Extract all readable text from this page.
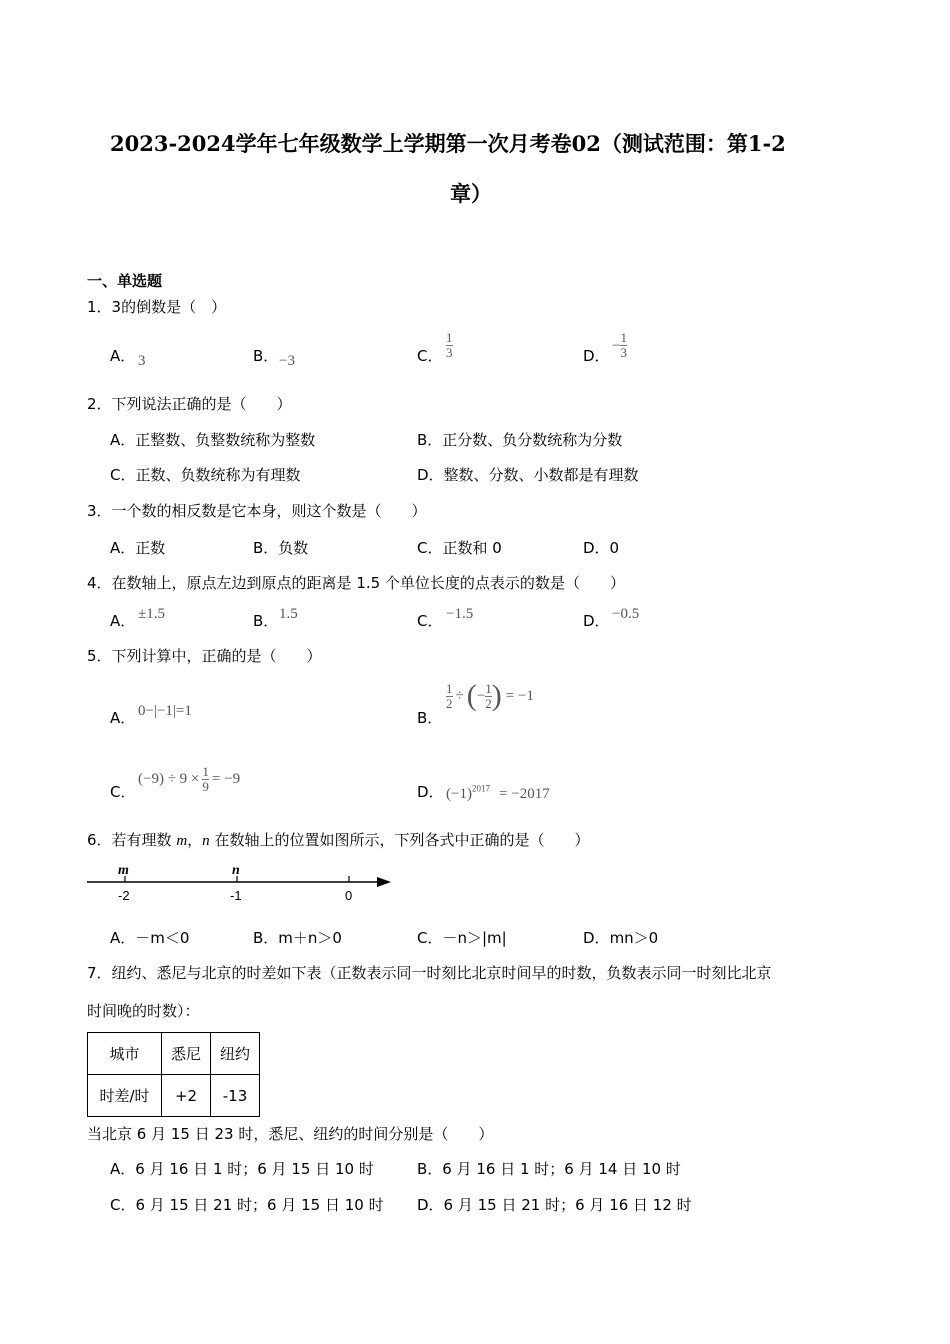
2023-2024学年七年级数学上学期第一次月考卷02（测试范围：第1-2
章）
一、单选题
1．3的倒数是（　）
A． 3	B． −3	C． $\frac{1}{3}$	D．
− $\frac{1}{3}$
2．下列说法正确的是（　　）
A．正整数、负整数统称为整数	B．正分数、负分数统称为分数
C．正数、负数统称为有理数	D．整数、分数、小数都是有理数
3．一个数的相反数是它本身，则这个数是（　　）
A．正数	B．负数	C．正数和 0	D．0
4．在数轴上，原点左边到原点的距离是 1.5 个单位长度的点表示的数是（　　）
A． ±1.5	B． 1.5	C． −1.5	D． −0.5
5．下列计算中，正确的是（　　）
A． 0−|−1|=1	B．
$\frac{1}{2}$ ÷ ( − $\frac{1}{2}$ ) = −1
C．
$(-9) \div 9 \times \frac{1}{9} = -9$
D． $(-1)^{2017} = -2017$
6．若有理数 m，n 在数轴上的位置如图所示，下列各式中正确的是（　　）
m	n
-2	-1	0
A．－m＜0	B．m＋n＞0	C．－n＞|m|	D．mn＞0
7．纽约、悉尼与北京的时差如下表（正数表示同一时刻比北京时间早的时数，负数表示同一时刻比北京
时间晚的时数）：
城市	悉尼	纽约
时差/时	+2	-13
当北京 6 月 15 日 23 时，悉尼、纽约的时间分别是（　　）
A．6 月 16 日 1 时；6 月 15 日 10 时	B．6 月 16 日 1 时；6 月 14 日 10 时
C．6 月 15 日 21 时；6 月 15 日 10 时 D．6 月 15 日 21 时；6 月 16 日 12 时
